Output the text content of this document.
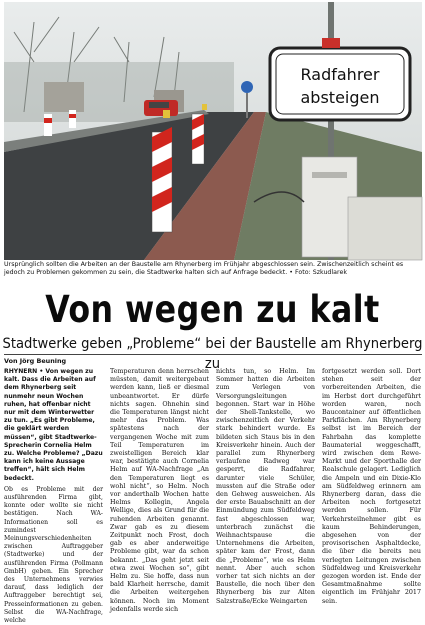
Radfahrer
absteigen
Ursprünglich sollten die Arbeiten an der Baustelle am Rhynerberg im Frühjahr abgeschlossen sein. Zwischenzeitlich scheint es jedoch zu Problemen gekommen zu sein, die Stadtwerke halten sich auf Anfrage bedeckt. • Foto: Szkudlarek
Von wegen zu kalt
Stadtwerke geben „Probleme“ bei der Baustelle am Rhynerberg zu
Von Jörg Beuning

RHYNERN • Von wegen zu kalt. Dass die Arbeiten auf dem Rhynerberg seit nunmehr neun Wochen ruhen, hat offenbar nicht nur mit dem Winterwetter zu tun. „Es gibt Probleme, die geklärt werden müssen“, gibt Stadtwerke-Sprecherin Cornelia Helm zu. Welche Probleme? „Dazu kann ich keine Aussage treffen“, hält sich Helm bedeckt.

Ob es Probleme mit der ausführenden Firma gibt, konnte oder wollte sie nicht bestätigen. Nach WA-Informationen soll es zumindest Meinungsverschiedenheiten zwischen Auftraggeber (Stadtwerke) und der ausführenden Firma (Pollmann GmbH) geben. Ein Sprecher des Unternehmens verwies darauf, dass lediglich der Auftraggeber berechtigt sei, Presseinformationen zu geben. Selbst die WA-Nachfrage, welche

Temperaturen denn herrschen müssten, damit weitergebaut werden kann, ließ er diesmal unbeantwortet. Er dürfe nichts sagen. Ohnehin sind die Temperaturen längst nicht mehr das Problem. Was spätestens nach der vergangenen Woche mit zum Teil Temperaturen im zweistelligen Bereich klar war, bestätigte auch Cornelia Helm auf WA-Nachfrage „An den Temperaturen liegt es wohl nicht“, so Helm. Noch vor anderthalb Wochen hatte Helms Kollegin, Angela Wellige, dies als Grund für die ruhenden Arbeiten genannt. Zwar gab es zu diesem Zeitpunkt noch Frost, doch gab es aber anderweitige Probleme gibt, war da schon bekannt. „Das geht jetzt seit etwa zwei Wochen so“, gibt Helm zu. Sie hoffe, dass nun bald Klarheit herrsche, damit die Arbeiten weitergehen können. Noch im Moment jedenfalls werde sich

nichts tun, so Helm. Im Sommer hatten die Arbeiten zum Verlegen von Versorgungsleitungen begonnen. Start war in Höhe der Shell-Tankstelle, wo zwischenzeitlich der Verkehr stark behindert wurde. Es bildeten sich Staus bis in den Kreisverkehr hinein. Auch der parallel zum Rhynerberg verlaufene Radweg war gesperrt, die Radfahrer, darunter viele Schüler, mussten auf die Straße oder den Gehweg ausweichen. Als der erste Bauabschnitt an der Einmündung zum Südfeldweg fast abgeschlossen war, unterbrach zunächst die Weihnachtspause die Unternehmens die Arbeiten, später kam der Frost, dann die „Probleme“, wie es Helm nennt. Aber auch schon vorher tat sich nichts an der Baustelle, die noch über den Rhynerberg bis zur Alten Salzstraße/Ecke Weingarten

fortgesetzt werden soll. Dort stehen seit der vorbereitenden Arbeiten, die im Herbst dort durchgeführt worden waren, noch Baucontainer auf öffentlichen Parkflächen. Am Rhynerberg selbst ist im Bereich der Fahrbahn das komplette Baumaterial weggeschafft, wird zwischen dem Rewe-Markt und der Sporthalle der Realschule gelagert. Lediglich die Ampeln und ein Dixie-Klo am Südfeldweg erinnern am Rhynerberg daran, dass die Arbeiten noch fortgesetzt werden sollen. Für Verkehrsteilnehmer gibt es kaum Behinderungen, abgesehen von der provisorischen Asphaltdecke, die über die bereits neu verlegten Leitungen zwischen Südfeldweg und Kreisverkehr gezogen worden ist. Ende der Gesamtmaßnahme sollte eigentlich im Frühjahr 2017 sein.
